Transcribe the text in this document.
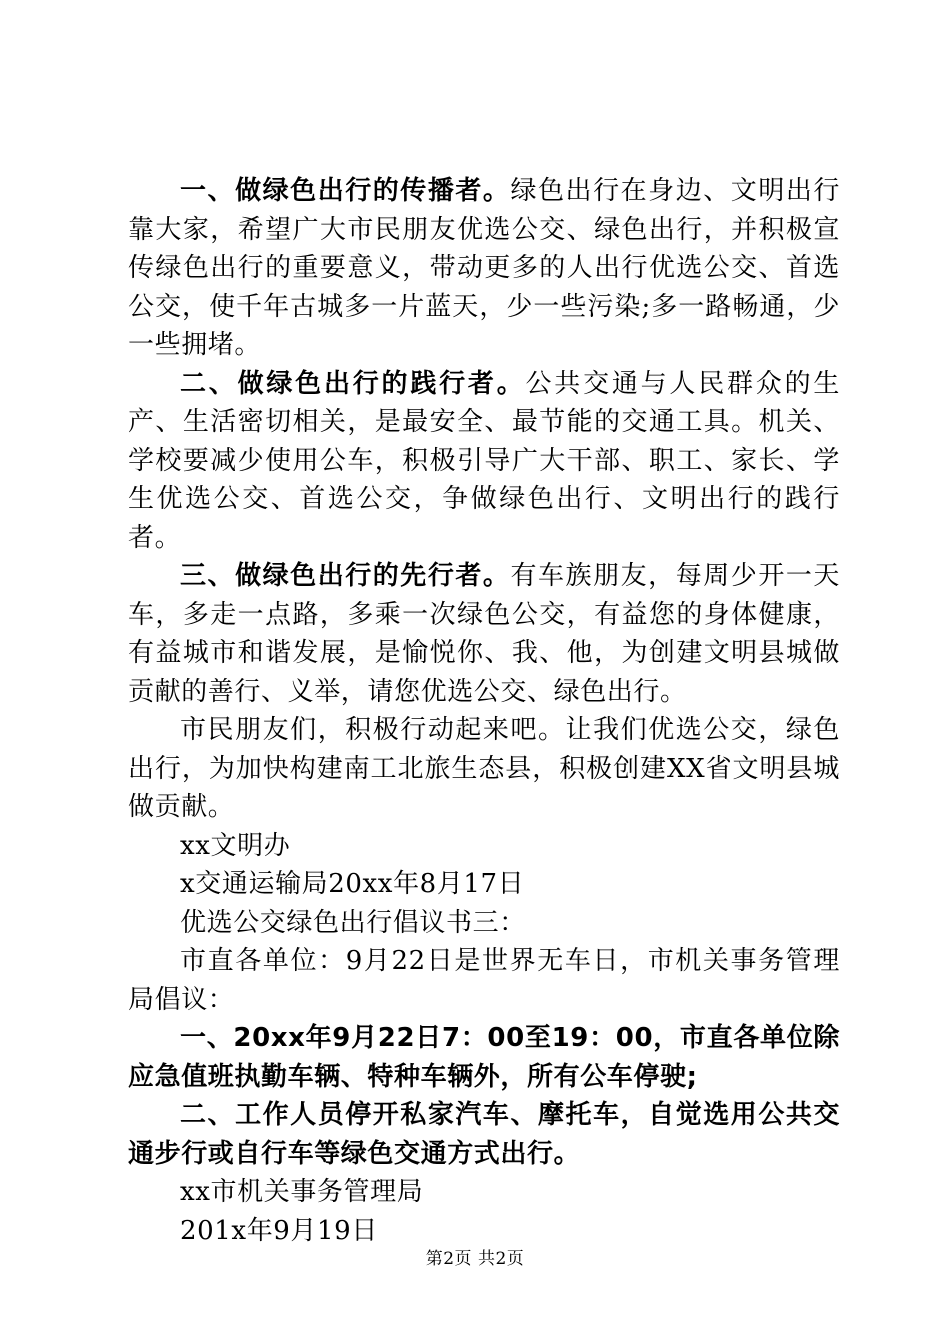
一、做绿色出行的传播者。绿色出行在身边、文明出行靠大家，希望广大市民朋友优选公交、绿色出行，并积极宣传绿色出行的重要意义，带动更多的人出行优选公交、首选公交，使千年古城多一片蓝天，少一些污染;多一路畅通，少一些拥堵。

二、做绿色出行的践行者。公共交通与人民群众的生产、生活密切相关，是最安全、最节能的交通工具。机关、学校要减少使用公车，积极引导广大干部、职工、家长、学生优选公交、首选公交，争做绿色出行、文明出行的践行者。

三、做绿色出行的先行者。有车族朋友，每周少开一天车，多走一点路，多乘一次绿色公交，有益您的身体健康，有益城市和谐发展，是愉悦你、我、他，为创建文明县城做贡献的善行、义举，请您优选公交、绿色出行。

市民朋友们，积极行动起来吧。让我们优选公交，绿色出行，为加快构建南工北旅生态县，积极创建XX省文明县城做贡献。

xx文明办

x交通运输局20xx年8月17日

优选公交绿色出行倡议书三：

市直各单位：9月22日是世界无车日，市机关事务管理局倡议：

一、20xx年9月22日7：00至19：00，市直各单位除应急值班执勤车辆、特种车辆外，所有公车停驶;

二、工作人员停开私家汽车、摩托车，自觉选用公共交通步行或自行车等绿色交通方式出行。

xx市机关事务管理局

201x年9月19日

第2页 共2页
